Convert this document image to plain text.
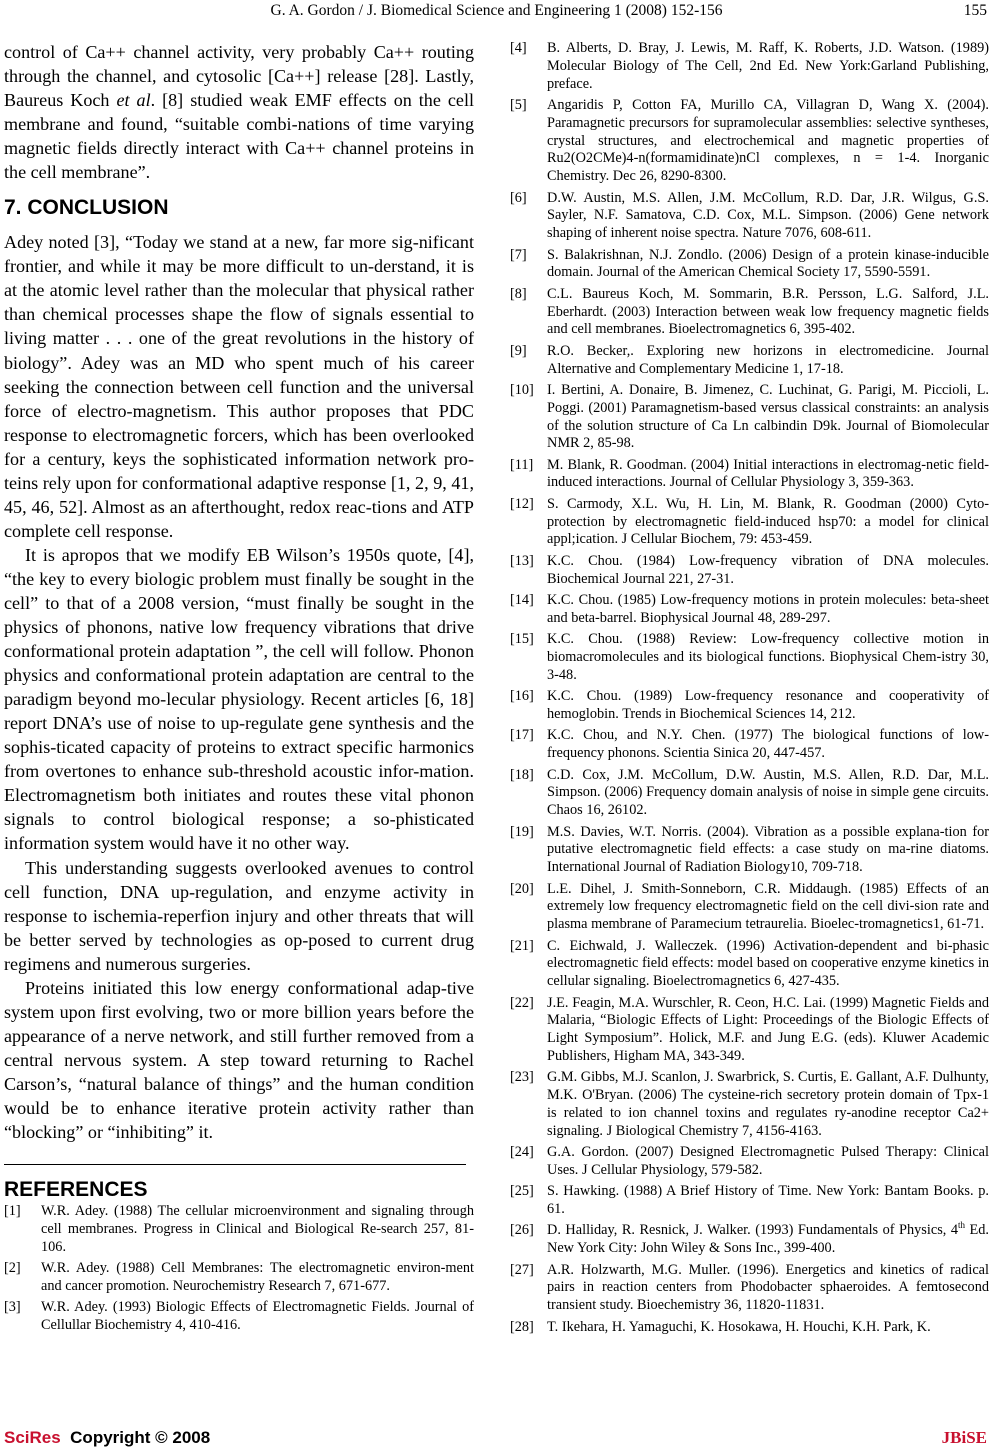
G. A. Gordon / J. Biomedical Science and Engineering 1 (2008) 152-156	155

control of Ca++ channel activity, very probably Ca++ routing through the channel, and cytosolic [Ca++] release [28]. Lastly, Baureus Koch et al. [8] studied weak EMF effects on the cell membrane and found, “suitable combi-nations of time varying magnetic fields directly interact with Ca++ channel proteins in the cell membrane”.

7. CONCLUSION

Adey noted [3], “Today we stand at a new, far more sig-nificant frontier, and while it may be more difficult to un-derstand, it is at the atomic level rather than the molecular that physical rather than chemical processes shape the flow of signals essential to living matter . . . one of the great revolutions in the history of biology”. Adey was an MD who spent much of his career seeking the connection between cell function and the universal force of electro-magnetism. This author proposes that PDC response to electromagnetic forcers, which has been overlooked for a century, keys the sophisticated information network pro-teins rely upon for conformational adaptive response [1, 2, 9, 41, 45, 46, 52]. Almost as an afterthought, redox reac-tions and ATP complete cell response.

It is apropos that we modify EB Wilson’s 1950s quote, [4], “the key to every biologic problem must finally be sought in the cell” to that of a 2008 version, “must finally be sought in the physics of phonons, native low frequency vibrations that drive conformational protein adaptation ”, the cell will follow. Phonon physics and conformational protein adaptation are central to the paradigm beyond mo-lecular physiology. Recent articles [6, 18] report DNA’s use of noise to up-regulate gene synthesis and the sophis-ticated capacity of proteins to extract specific harmonics from overtones to enhance sub-threshold acoustic infor-mation. Electromagnetism both initiates and routes these vital phonon signals to control biological response; a so-phisticated information system would have it no other way.

This understanding suggests overlooked avenues to control cell function, DNA up-regulation, and enzyme activity in response to ischemia-reperfion injury and other threats that will be better served by technologies as op-posed to current drug regimens and numerous surgeries.

Proteins initiated this low energy conformational adap-tive system upon first evolving, two or more billion years before the appearance of a nerve network, and still further removed from a central nervous system. A step toward returning to Rachel Carson’s, “natural balance of things” and the human condition would be to enhance iterative protein activity rather than “blocking” or “inhibiting” it.

REFERENCES
[1]	W.R. Adey. (1988) The cellular microenvironment and signaling through cell membranes. Progress in Clinical and Biological Re-search 257, 81-106.
[2]	W.R. Adey. (1988) Cell Membranes: The electromagnetic environ-ment and cancer promotion. Neurochemistry Research 7, 671-677.
[3]	W.R. Adey. (1993) Biologic Effects of Electromagnetic Fields. Journal of Cellullar Biochemistry 4, 410-416.
[4]	B. Alberts, D. Bray, J. Lewis, M. Raff, K. Roberts, J.D. Watson. (1989) Molecular Biology of The Cell, 2nd Ed. New York:Garland Publishing, preface.
[5]	Angaridis P, Cotton FA, Murillo CA, Villagran D, Wang X. (2004). Paramagnetic precursors for supramolecular assemblies: selective syntheses, crystal structures, and electrochemical and magnetic properties of Ru2(O2CMe)4-n(formamidinate)nCl complexes, n = 1-4. Inorganic Chemistry. Dec 26, 8290-8300.
[6]	D.W. Austin, M.S. Allen, J.M. McCollum, R.D. Dar, J.R. Wilgus, G.S. Sayler, N.F. Samatova, C.D. Cox, M.L. Simpson. (2006) Gene network shaping of inherent noise spectra. Nature 7076, 608-611.
[7]	S. Balakrishnan, N.J. Zondlo. (2006) Design of a protein kinase-inducible domain. Journal of the American Chemical Society 17, 5590-5591.
[8]	C.L. Baureus Koch, M. Sommarin, B.R. Persson, L.G. Salford, J.L. Eberhardt. (2003) Interaction between weak low frequency magnetic fields and cell membranes. Bioelectromagnetics 6, 395-402.
[9]	R.O. Becker,. Exploring new horizons in electromedicine. Journal Alternative and Complementary Medicine 1, 17-18.
[10] I. Bertini, A. Donaire, B. Jimenez, C. Luchinat, G. Parigi, M. Piccioli, L. Poggi. (2001) Paramagnetism-based versus classical constraints: an analysis of the solution structure of Ca Ln calbindin D9k. Journal of Biomolecular NMR 2, 85-98.
[11] M. Blank, R. Goodman. (2004) Initial interactions in electromag-netic field-induced interactions. Journal of Cellular Physiology 3, 359-363.
[12] S. Carmody, X.L. Wu, H. Lin, M. Blank, R. Goodman (2000) Cyto-protection by electromagnetic field-induced hsp70: a model for clinical appl;ication. J Cellular Biochem, 79: 453-459.
[13] K.C. Chou. (1984) Low-frequency vibration of DNA molecules. Biochemical Journal 221, 27-31.
[14] K.C. Chou. (1985) Low-frequency motions in protein molecules: beta-sheet and beta-barrel. Biophysical Journal 48, 289-297.
[15] K.C. Chou. (1988) Review: Low-frequency collective motion in biomacromolecules and its biological functions. Biophysical Chem-istry 30, 3-48.
[16] K.C. Chou. (1989) Low-frequency resonance and cooperativity of hemoglobin. Trends in Biochemical Sciences 14, 212.
[17] K.C. Chou, and N.Y. Chen. (1977) The biological functions of low-frequency phonons. Scientia Sinica 20, 447-457.
[18] C.D. Cox, J.M. McCollum, D.W. Austin, M.S. Allen, R.D. Dar, M.L. Simpson. (2006) Frequency domain analysis of noise in simple gene circuits. Chaos 16, 26102.
[19] M.S. Davies, W.T. Norris. (2004). Vibration as a possible explana-tion for putative electromagnetic field effects: a case study on ma-rine diatoms. International Journal of Radiation Biology10, 709-718.
[20] L.E. Dihel, J. Smith-Sonneborn, C.R. Middaugh. (1985) Effects of an extremely low frequency electromagnetic field on the cell divi-sion rate and plasma membrane of Paramecium tetraurelia. Bioelec-tromagnetics1, 61-71.
[21] C. Eichwald, J. Walleczek. (1996) Activation-dependent and bi-phasic electromagnetic field effects: model based on cooperative enzyme kinetics in cellular signaling. Bioelectromagnetics 6, 427-435.
[22] J.E. Feagin, M.A. Wurschler, R. Ceon, H.C. Lai. (1999) Magnetic Fields and Malaria, “Biologic Effects of Light: Proceedings of the Biologic Effects of Light Symposium”. Holick, M.F. and Jung E.G. (eds). Kluwer Academic Publishers, Higham MA, 343-349.
[23] G.M. Gibbs, M.J. Scanlon, J. Swarbrick, S. Curtis, E. Gallant, A.F. Dulhunty, M.K. O'Bryan. (2006) The cysteine-rich secretory protein domain of Tpx-1 is related to ion channel toxins and regulates ry-anodine receptor Ca2+ signaling. J Biological Chemistry 7, 4156-4163.
[24] G.A. Gordon. (2007) Designed Electromagnetic Pulsed Therapy: Clinical Uses. J Cellular Physiology, 579-582.
[25] S. Hawking. (1988) A Brief History of Time. New York: Bantam Books. p. 61.
[26] D. Halliday, R. Resnick, J. Walker. (1993) Fundamentals of Physics, 4th Ed. New York City: John Wiley & Sons Inc., 399-400.
[27] A.R. Holzwarth, M.G. Muller. (1996). Energetics and kinetics of radical pairs in reaction centers from Phodobacter sphaeroides. A femtosecond transient study. Bioechemistry 36, 11820-11831.
[28] T. Ikehara, H. Yamaguchi, K. Hosokawa, H. Houchi, K.H. Park, K.
SciRes Copyright © 2008	JBiSE
